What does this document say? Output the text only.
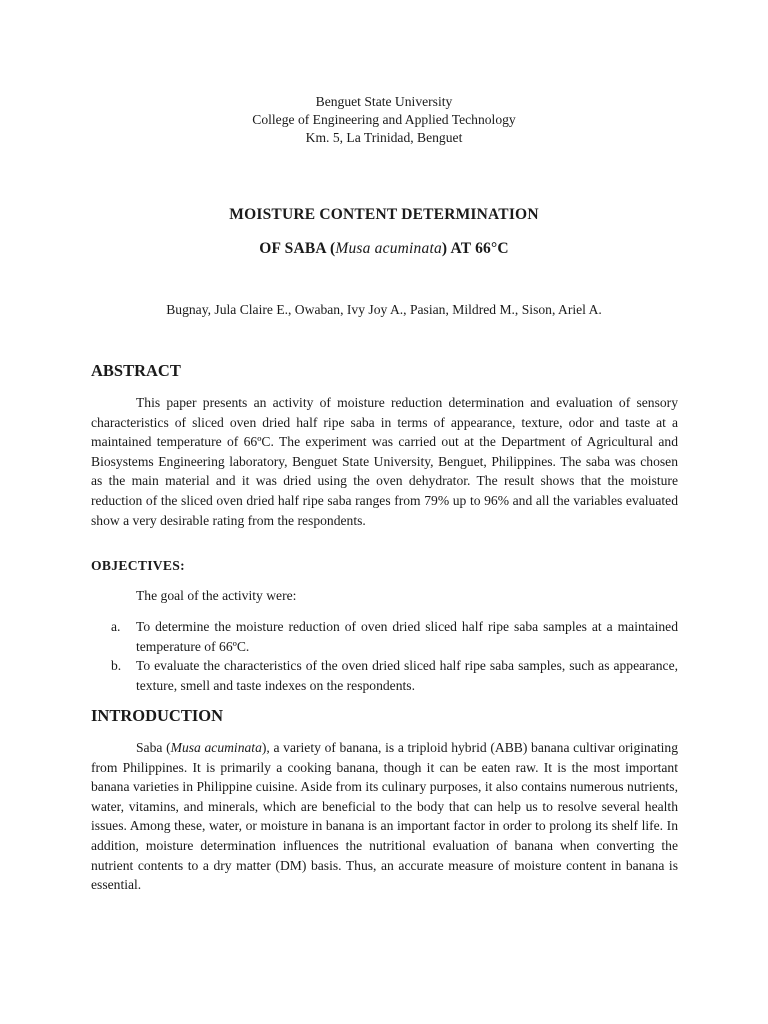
Benguet State University
College of Engineering and Applied Technology
Km. 5, La Trinidad, Benguet
MOISTURE CONTENT DETERMINATION
OF SABA (Musa acuminata) AT 66°C
Bugnay, Jula Claire E., Owaban, Ivy Joy A., Pasian, Mildred M., Sison, Ariel A.
ABSTRACT

This paper presents an activity of moisture reduction determination and evaluation of sensory characteristics of sliced oven dried half ripe saba in terms of appearance, texture, odor and taste at a maintained temperature of 66ºC. The experiment was carried out at the Department of Agricultural and Biosystems Engineering laboratory, Benguet State University, Benguet, Philippines. The saba was chosen as the main material and it was dried using the oven dehydrator. The result shows that the moisture reduction of the sliced oven dried half ripe saba ranges from 79% up to 96% and all the variables evaluated show a very desirable rating from the respondents.

OBJECTIVES:
The goal of the activity were:
a. To determine the moisture reduction of oven dried sliced half ripe saba samples at a maintained temperature of 66ºC.
b. To evaluate the characteristics of the oven dried sliced half ripe saba samples, such as appearance, texture, smell and taste indexes on the respondents.
INTRODUCTION

Saba (Musa acuminata), a variety of banana, is a triploid hybrid (ABB) banana cultivar originating from Philippines. It is primarily a cooking banana, though it can be eaten raw. It is the most important banana varieties in Philippine cuisine. Aside from its culinary purposes, it also contains numerous nutrients, water, vitamins, and minerals, which are beneficial to the body that can help us to resolve several health issues. Among these, water, or moisture in banana is an important factor in order to prolong its shelf life. In addition, moisture determination influences the nutritional evaluation of banana when converting the nutrient contents to a dry matter (DM) basis. Thus, an accurate measure of moisture content in banana is essential.
